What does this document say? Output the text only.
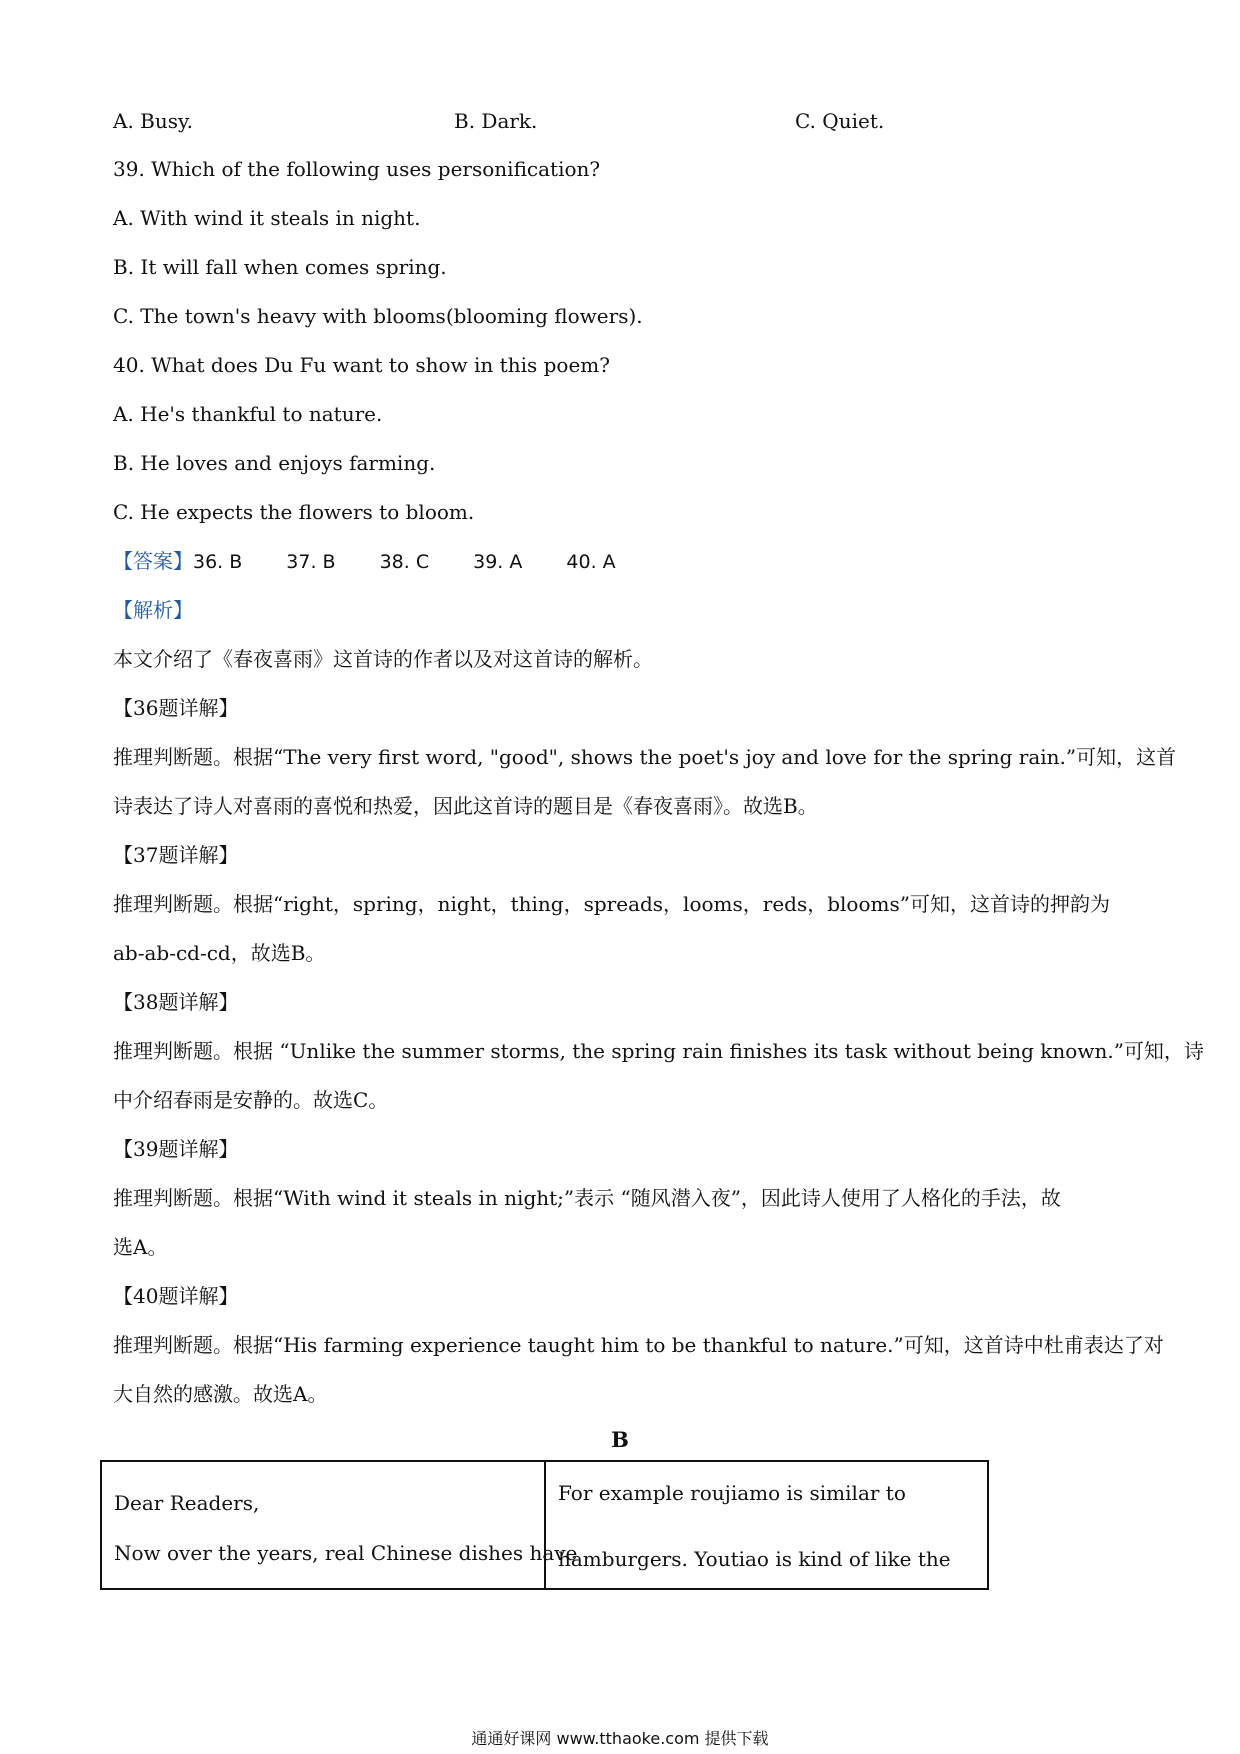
A. Busy.	B. Dark.	C. Quiet.
39. Which of the following uses personification?
A. With wind it steals in night.
B. It will fall when comes spring.
C. The town's heavy with blooms(blooming flowers).
40. What does Du Fu want to show in this poem?
A. He's thankful to nature.
B. He loves and enjoys farming.
C. He expects the flowers to bloom.
【答案】36. B 37. B 38. C 39. A 40. A
【解析】
本文介绍了《春夜喜雨》这首诗的作者以及对这首诗的解析。
【36题详解】
推理判断题。根据“The very first word, "good", shows the poet's joy and love for the spring rain.”可知，这首
诗表达了诗人对喜雨的喜悦和热爱，因此这首诗的题目是《春夜喜雨》。故选B。
【37题详解】
推理判断题。根据“right，spring，night，thing，spreads，looms，reds，blooms”可知，这首诗的押韵为
ab-ab-cd-cd，故选B。
【38题详解】
推理判断题。根据 “Unlike the summer storms, the spring rain finishes its task without being known.”可知，诗
中介绍春雨是安静的。故选C。
【39题详解】
推理判断题。根据“With wind it steals in night;”表示 “随风潜入夜”，因此诗人使用了人格化的手法，故
选A。
【40题详解】
推理判断题。根据“His farming experience taught him to be thankful to nature.”可知，这首诗中杜甫表达了对
大自然的感激。故选A。
B
Dear Readers,
Now over the years, real Chinese dishes have
For example roujiamo is similar to
hamburgers. Youtiao is kind of like the
通通好课网 www.tthaoke.com 提供下载
